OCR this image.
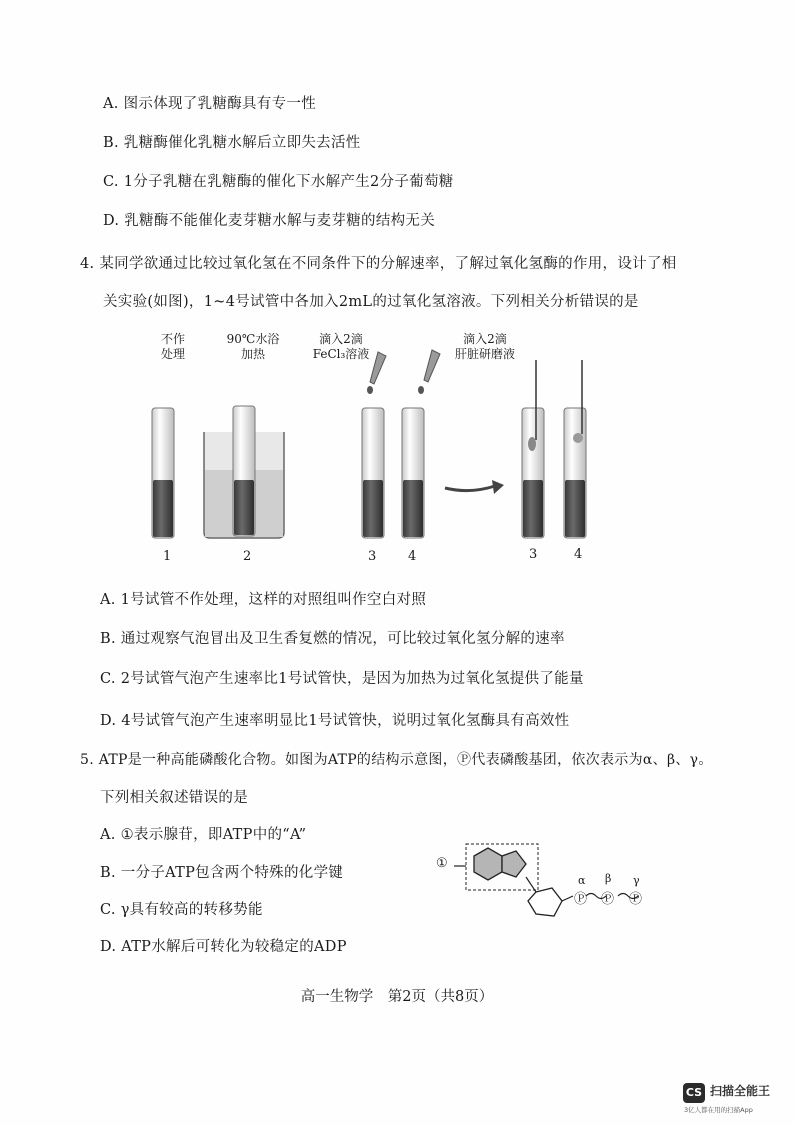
A. 图示体现了乳糖酶具有专一性
B. 乳糖酶催化乳糖水解后立即失去活性
C. 1分子乳糖在乳糖酶的催化下水解产生2分子葡萄糖
D. 乳糖酶不能催化麦芽糖水解与麦芽糖的结构无关
4. 某同学欲通过比较过氧化氢在不同条件下的分解速率，了解过氧化氢酶的作用，设计了相
关实验(如图)，1~4号试管中各加入2mL的过氧化氢溶液。下列相关分析错误的是
不作
处理
90℃水浴
加热
滴入2滴
FeCl₃溶液
滴入2滴
肝脏研磨液
1	2	3 4	3	4
A. 1号试管不作处理，这样的对照组叫作空白对照
B. 通过观察气泡冒出及卫生香复燃的情况，可比较过氧化氢分解的速率
C. 2号试管气泡产生速率比1号试管快，是因为加热为过氧化氢提供了能量
D. 4号试管气泡产生速率明显比1号试管快，说明过氧化氢酶具有高效性
5. ATP是一种高能磷酸化合物。如图为ATP的结构示意图，Ⓟ代表磷酸基团，依次表示为α、β、γ。
下列相关叙述错误的是
A. ①表示腺苷，即ATP中的“A”
B. 一分子ATP包含两个特殊的化学键
C. γ具有较高的转移势能
D. ATP水解后可转化为较稳定的ADP
①
Ⓟ Ⓟ Ⓟ
α β γ
高一生物学　第2页（共8页）
CS 扫描全能王
3亿人都在用的扫描App
